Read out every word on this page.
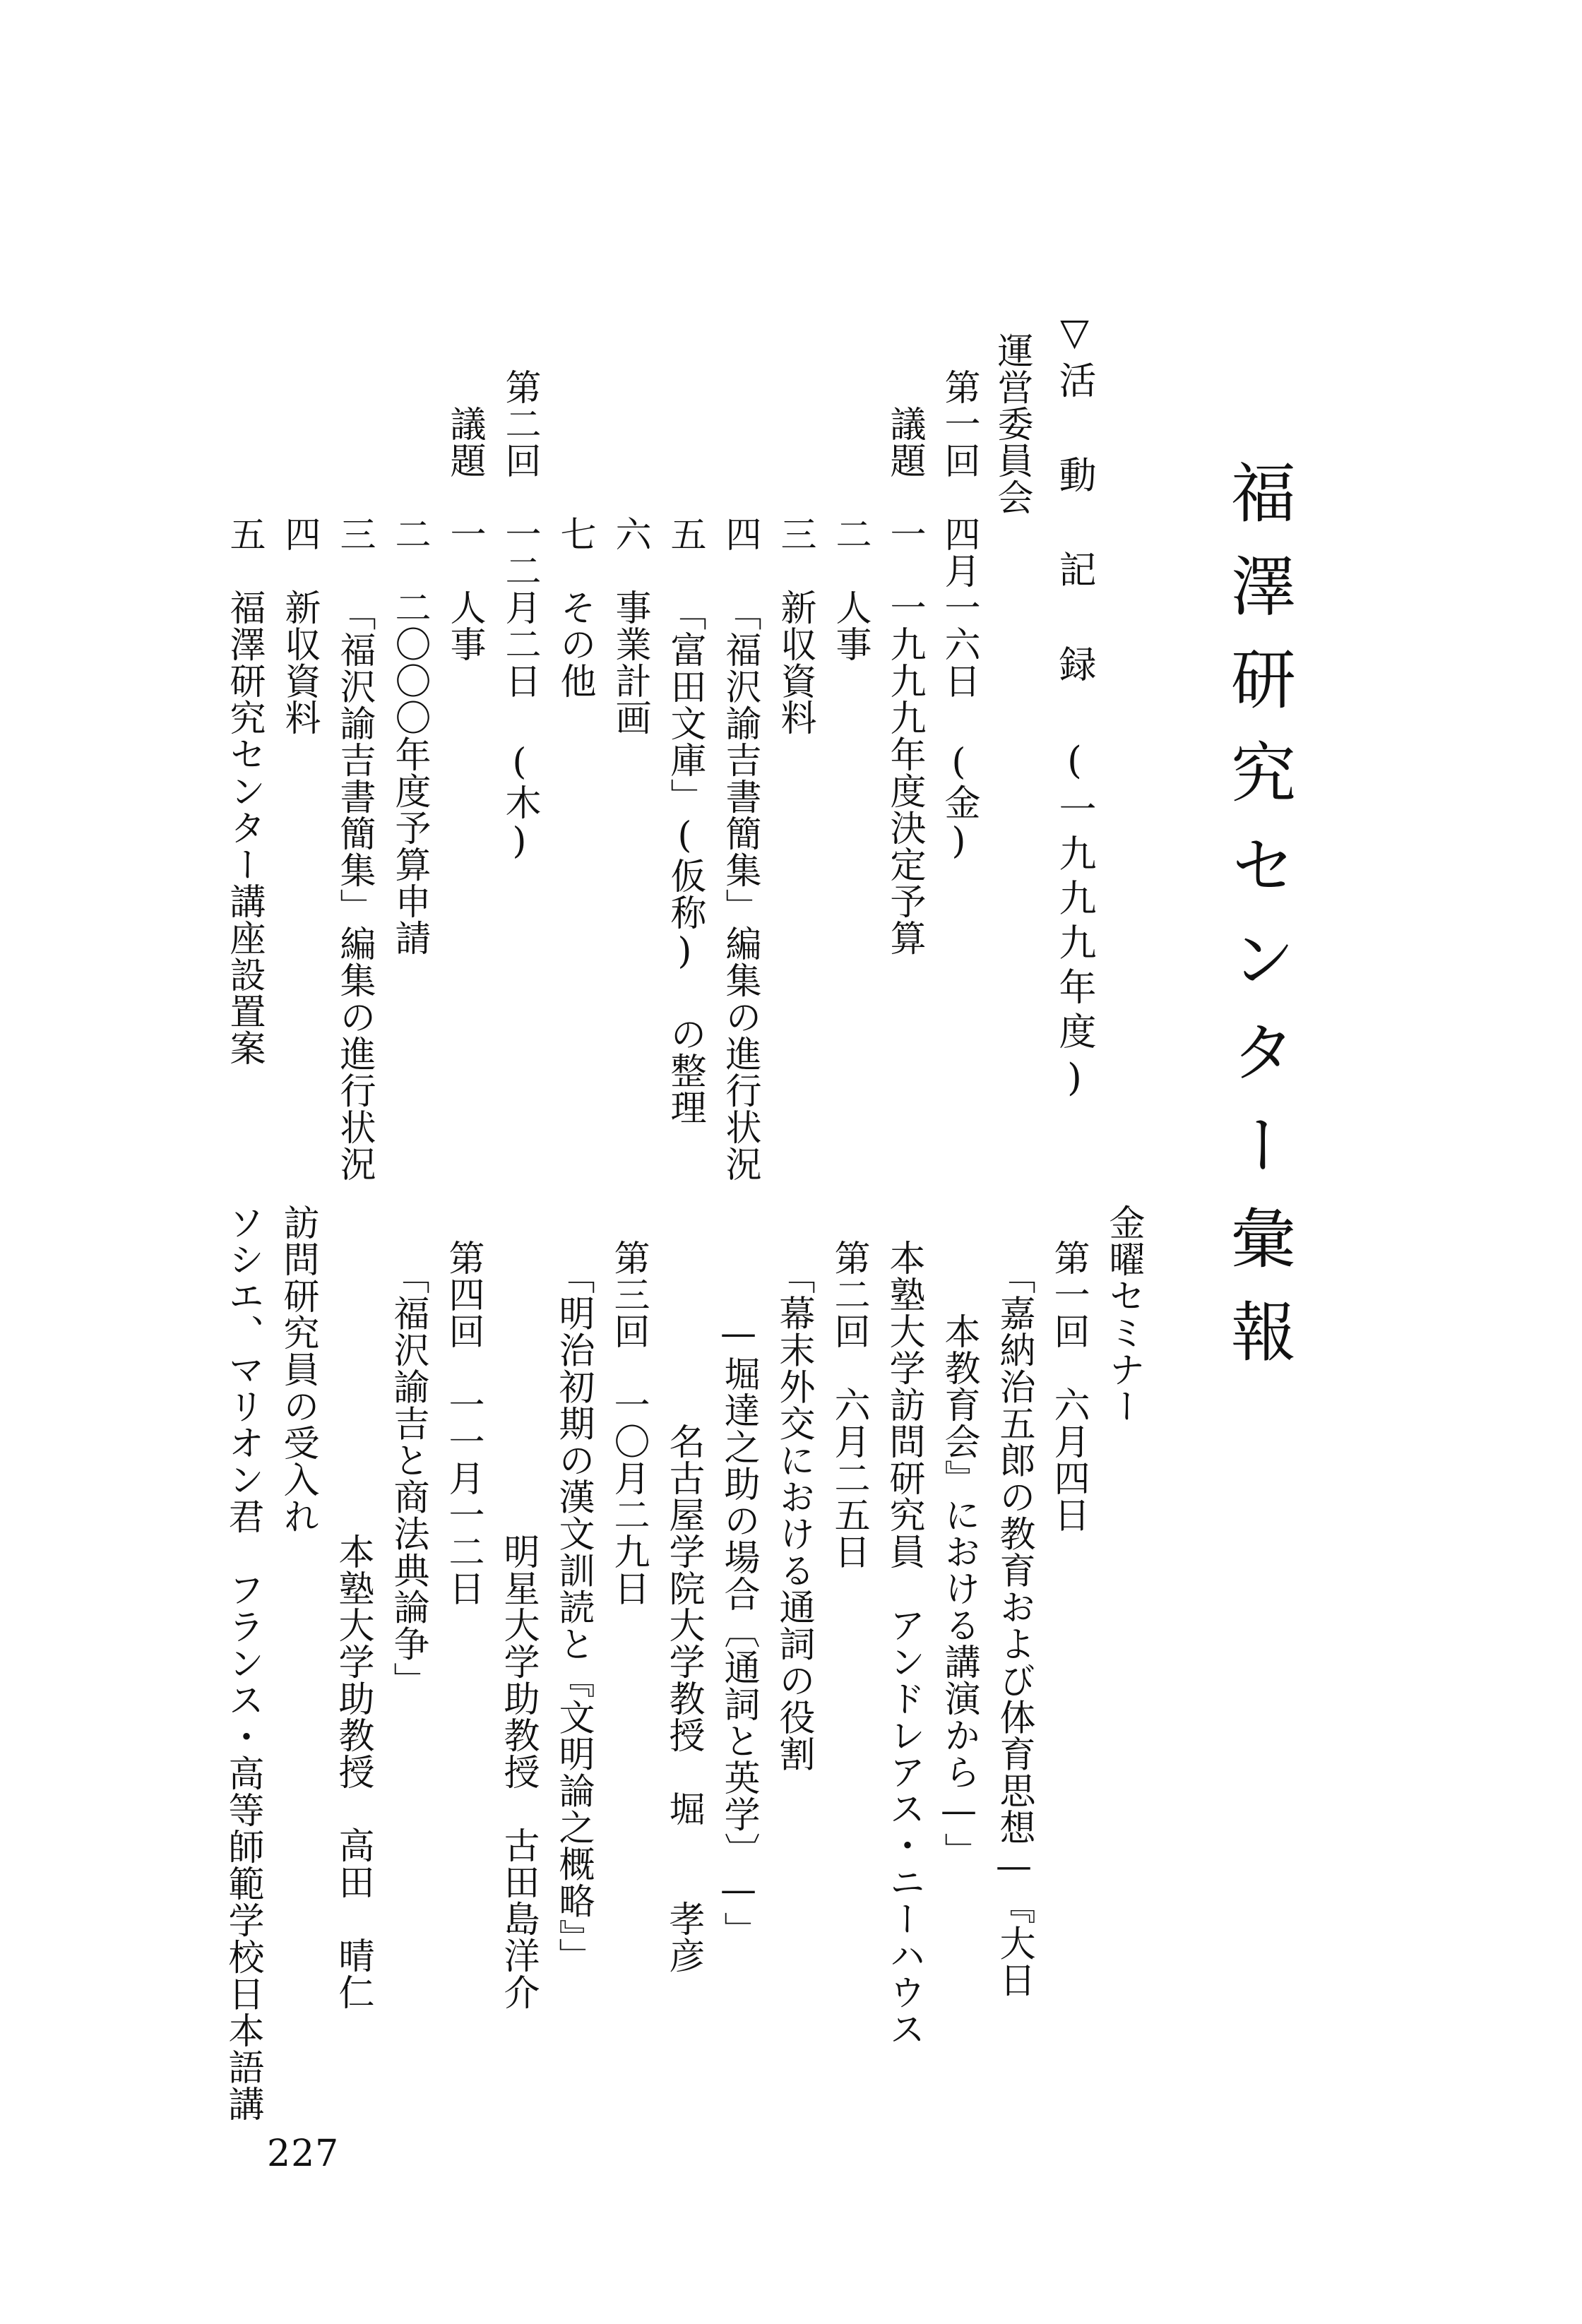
福澤研究センター彙報
▽活 動 記 録 (一九九九年度)
運営委員会
　第一回　四月一六日 (金)
　　議題　一　一九九九年度決定予算
　　　　　二　人事
　　　　　三　新収資料
　　　　　四 「福沢諭吉書簡集」編集の進行状況
　　　　　五 「富田文庫」(仮称) の整理
　　　　　六　事業計画
　　　　　七　その他
　第二回　一二月二日 (木)
　　議題　一　人事
　　　　　二　二〇〇〇年度予算申請
　　　　　三 「福沢諭吉書簡集」編集の進行状況
　　　　　四　新収資料
　　　　　五　福澤研究センター講座設置案
金曜セミナー
第一回　六月四日
　「嘉納治五郎の教育および体育思想—『大日
　　本教育会』における講演から—」
本塾大学訪問研究員　アンドレアス・ニーハウス
第二回　六月二五日
　「幕末外交における通詞の役割
　　—堀達之助の場合〔通詞と英学〕—」
　　　　　名古屋学院大学教授　堀　　孝彦
第三回　一〇月二九日
　「明治初期の漢文訓読と『文明論之概略』」
　　　　　　　　明星大学助教授　古田島洋介
第四回　一一月一二日
　「福沢諭吉と商法典論争」
　　　　　　　　本塾大学助教授　高田　晴仁
訪問研究員の受入れ
ソシエ、マリオン君　フランス・高等師範学校日本語講
227
